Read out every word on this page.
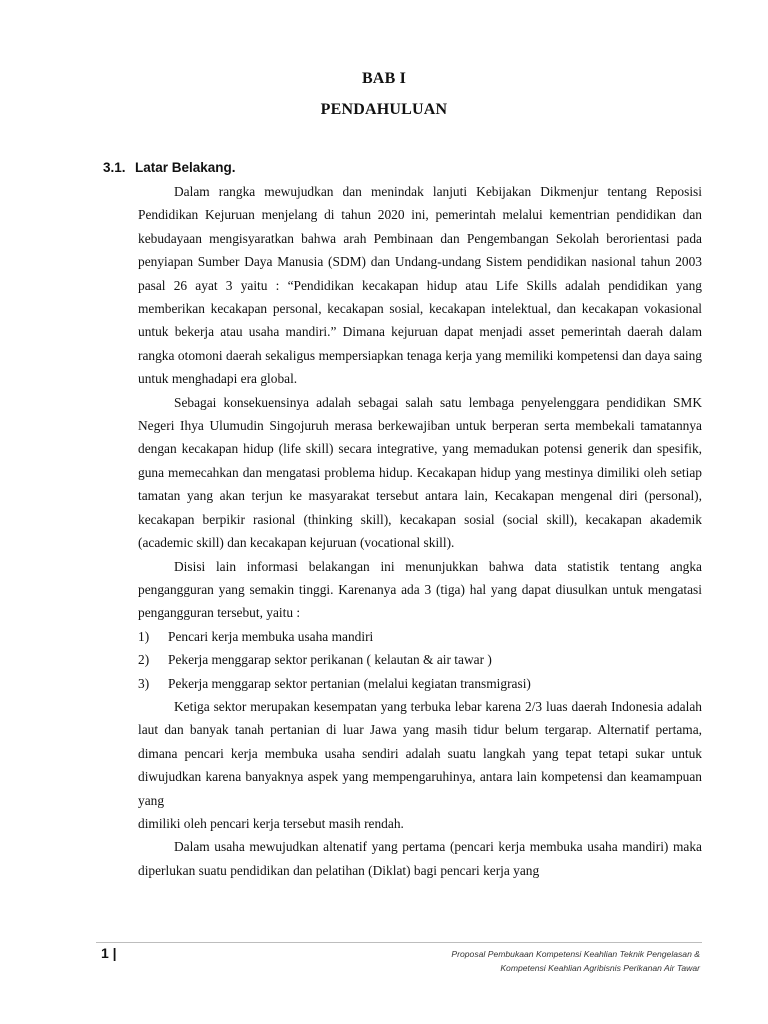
BAB I
PENDAHULUAN
3.1. Latar Belakang.

Dalam rangka mewujudkan dan menindak lanjuti Kebijakan Dikmenjur tentang Reposisi Pendidikan Kejuruan menjelang di tahun 2020 ini, pemerintah melalui kementrian pendidikan dan kebudayaan mengisyaratkan bahwa arah Pembinaan dan Pengembangan Sekolah berorientasi pada penyiapan Sumber Daya Manusia (SDM) dan Undang-undang Sistem pendidikan nasional tahun 2003 pasal 26 ayat 3 yaitu : “Pendidikan kecakapan hidup atau Life Skills adalah pendidikan yang memberikan kecakapan personal, kecakapan sosial, kecakapan intelektual, dan kecakapan vokasional untuk bekerja atau usaha mandiri.” Dimana kejuruan dapat menjadi asset pemerintah daerah dalam rangka otomoni daerah sekaligus mempersiapkan tenaga kerja yang memiliki kompetensi dan daya saing untuk menghadapi era global.

Sebagai konsekuensinya adalah sebagai salah satu lembaga penyelenggara pendidikan SMK Negeri Ihya Ulumudin Singojuruh merasa berkewajiban untuk berperan serta membekali tamatannya dengan kecakapan hidup (life skill) secara integrative, yang memadukan potensi generik dan spesifik, guna memecahkan dan mengatasi problema hidup. Kecakapan hidup yang mestinya dimiliki oleh setiap tamatan yang akan terjun ke masyarakat tersebut antara lain, Kecakapan mengenal diri (personal), kecakapan berpikir rasional (thinking skill), kecakapan sosial (social skill), kecakapan akademik (academic skill) dan kecakapan kejuruan (vocational skill).

Disisi lain informasi belakangan ini menunjukkan bahwa data statistik tentang angka pengangguran yang semakin tinggi. Karenanya ada 3 (tiga) hal yang dapat diusulkan untuk mengatasi pengangguran tersebut, yaitu :

1)	Pencari kerja membuka usaha mandiri
2)	Pekerja menggarap sektor perikanan ( kelautan & air tawar )
3)	Pekerja menggarap sektor pertanian (melalui kegiatan transmigrasi)

Ketiga sektor merupakan kesempatan yang terbuka lebar karena 2/3 luas daerah Indonesia adalah laut dan banyak tanah pertanian di luar Jawa yang masih tidur belum tergarap. Alternatif pertama, dimana pencari kerja membuka usaha sendiri adalah suatu langkah yang tepat tetapi sukar untuk diwujudkan karena banyaknya aspek yang mempengaruhinya, antara lain kompetensi dan keamampuan yang

dimiliki oleh pencari kerja tersebut masih rendah.

Dalam usaha mewujudkan altenatif yang pertama (pencari kerja membuka usaha mandiri) maka diperlukan suatu pendidikan dan pelatihan (Diklat) bagi pencari kerja yang

1 |	Proposal Pembukaan Kompetensi Keahlian Teknik Pengelasan &
Kompetensi Keahlian Agribisnis Perikanan Air Tawar
